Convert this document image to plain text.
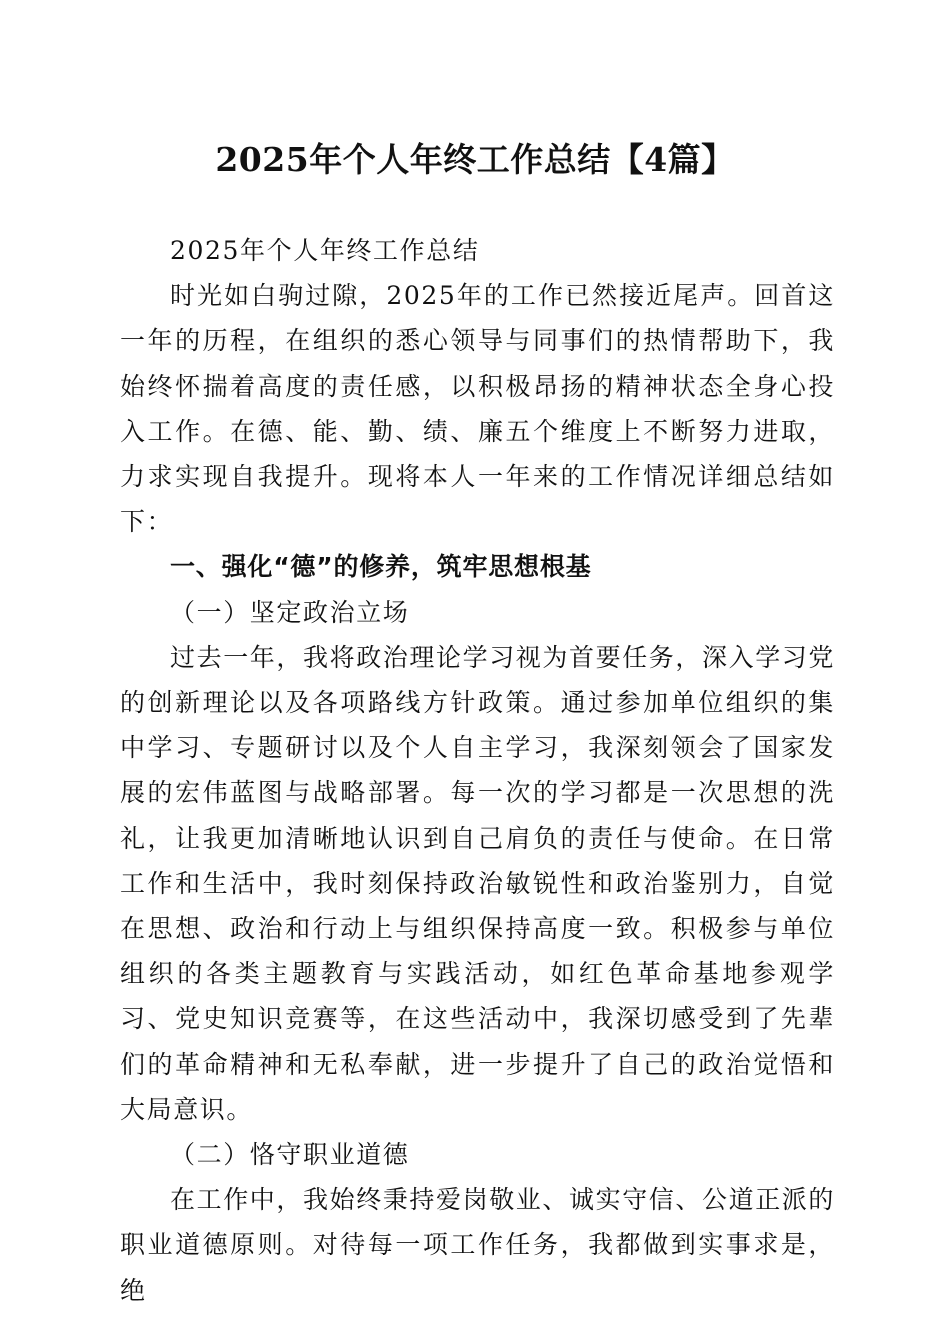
2025年个人年终工作总结【4篇】

2025年个人年终工作总结

时光如白驹过隙，2025年的工作已然接近尾声。回首这一年的历程，在组织的悉心领导与同事们的热情帮助下，我始终怀揣着高度的责任感，以积极昂扬的精神状态全身心投入工作。在德、能、勤、绩、廉五个维度上不断努力进取，力求实现自我提升。现将本人一年来的工作情况详细总结如下：

一、强化“德”的修养，筑牢思想根基

（一）坚定政治立场

过去一年，我将政治理论学习视为首要任务，深入学习党的创新理论以及各项路线方针政策。通过参加单位组织的集中学习、专题研讨以及个人自主学习，我深刻领会了国家发展的宏伟蓝图与战略部署。每一次的学习都是一次思想的洗礼，让我更加清晰地认识到自己肩负的责任与使命。在日常工作和生活中，我时刻保持政治敏锐性和政治鉴别力，自觉在思想、政治和行动上与组织保持高度一致。积极参与单位组织的各类主题教育与实践活动，如红色革命基地参观学习、党史知识竞赛等，在这些活动中，我深切感受到了先辈们的革命精神和无私奉献，进一步提升了自己的政治觉悟和大局意识。

（二）恪守职业道德

在工作中，我始终秉持爱岗敬业、诚实守信、公道正派的职业道德原则。对待每一项工作任务，我都做到实事求是，绝
